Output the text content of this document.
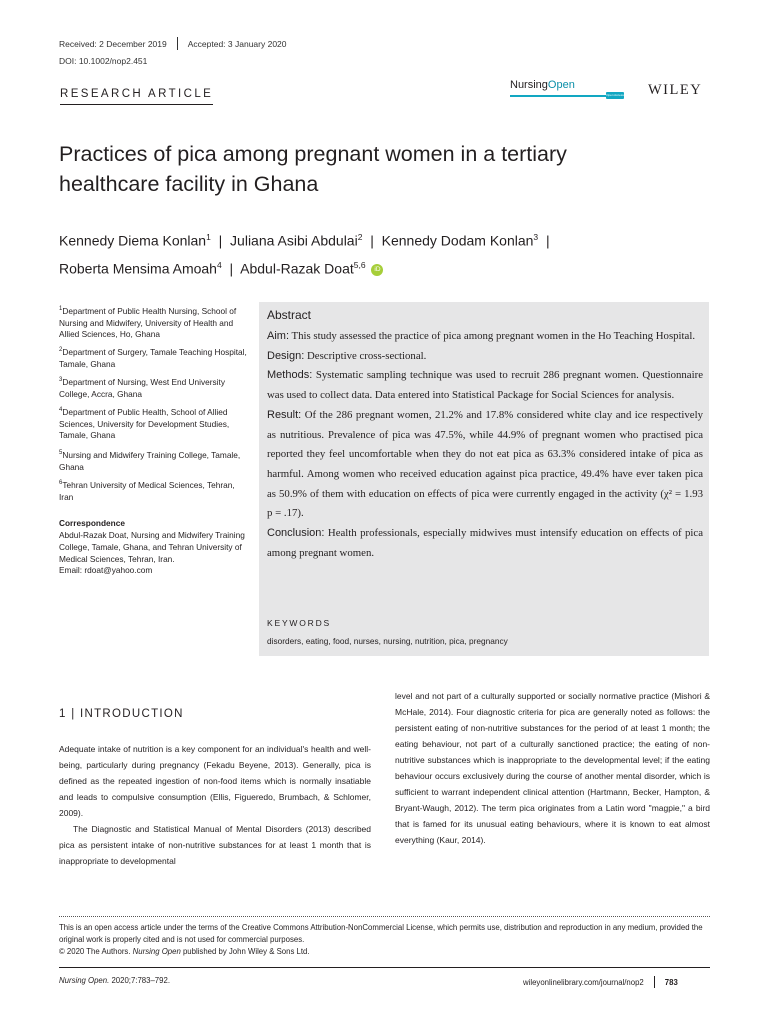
Received: 2 December 2019 Accepted: 3 January 2020
DOI: 10.1002/nop2.451
RESEARCH ARTICLE
NursingOpen
Open Access WILEY
Practices of pica among pregnant women in a tertiary
healthcare facility in Ghana
Kennedy Diema Konlan$^1$ | Juliana Asibi Abdulai$^2$ | Kennedy Dodam Konlan$^3$ |
Roberta Mensima Amoah$^4$ | Abdul-Razak Doat$^{5,6}$ iD
$^1$Department of Public Health Nursing, School of Nursing and Midwifery, University of Health and Allied Sciences, Ho, Ghana
$^2$Department of Surgery, Tamale Teaching Hospital, Tamale, Ghana
$^3$Department of Nursing, West End University College, Accra, Ghana
$^4$Department of Public Health, School of Allied Sciences, University for Development Studies, Tamale, Ghana
$^5$Nursing and Midwifery Training College, Tamale, Ghana
$^6$Tehran University of Medical Sciences, Tehran, Iran
Correspondence
Abdul-Razak Doat, Nursing and Midwifery Training College, Tamale, Ghana, and Tehran University of Medical Sciences, Tehran, Iran.
Email: rdoat@yahoo.com
Abstract
Aim: This study assessed the practice of pica among pregnant women in the Ho Teaching Hospital.
Design: Descriptive cross-sectional.
Methods: Systematic sampling technique was used to recruit 286 pregnant women. Questionnaire was used to collect data. Data entered into Statistical Package for Social Sciences for analysis.
Result: Of the 286 pregnant women, 21.2% and 17.8% considered white clay and ice respectively as nutritious. Prevalence of pica was 47.5%, while 44.9% of pregnant women who practised pica reported they feel uncomfortable when they do not eat pica as 63.3% considered intake of pica as harmful. Among women who received education against pica practice, 49.4% have ever taken pica as 50.9% of them with education on effects of pica were currently engaged in the activity (χ² = 1.93 p = .17).
Conclusion: Health professionals, especially midwives must intensify education on effects of pica among pregnant women.
KEYWORDS
disorders, eating, food, nurses, nursing, nutrition, pica, pregnancy
1 | INTRODUCTION
Adequate intake of nutrition is a key component for an individual's health and well-being, particularly during pregnancy (Fekadu Beyene, 2013). Generally, pica is defined as the repeated ingestion of non-food items which is normally insatiable and leads to compulsive consumption (Ellis, Figueredo, Brumbach, & Schlomer, 2009).
The Diagnostic and Statistical Manual of Mental Disorders (2013) described pica as persistent intake of non-nutritive substances for at least 1 month that is inappropriate to developmental
level and not part of a culturally supported or socially normative practice (Mishori & McHale, 2014). Four diagnostic criteria for pica are generally noted as follows: the persistent eating of non-nutritive substances for the period of at least 1 month; the eating behaviour, not part of a culturally sanctioned practice; the eating of non-nutritive substances which is inappropriate to the developmental level; if the eating behaviour occurs exclusively during the course of another mental disorder, which is sufficient to warrant independent clinical attention (Hartmann, Becker, Hampton, & Bryant-Waugh, 2012). The term pica originates from a Latin word "magpie," a bird that is famed for its unusual eating behaviours, where it is known to eat almost everything (Kaur, 2014).
This is an open access article under the terms of the Creative Commons Attribution-NonCommercial License, which permits use, distribution and reproduction in any medium, provided the original work is properly cited and is not used for commercial purposes.
© 2020 The Authors. Nursing Open published by John Wiley & Sons Ltd.
Nursing Open. 2020;7:783–792.	wileyonlinelibrary.com/journal/nop2	783
